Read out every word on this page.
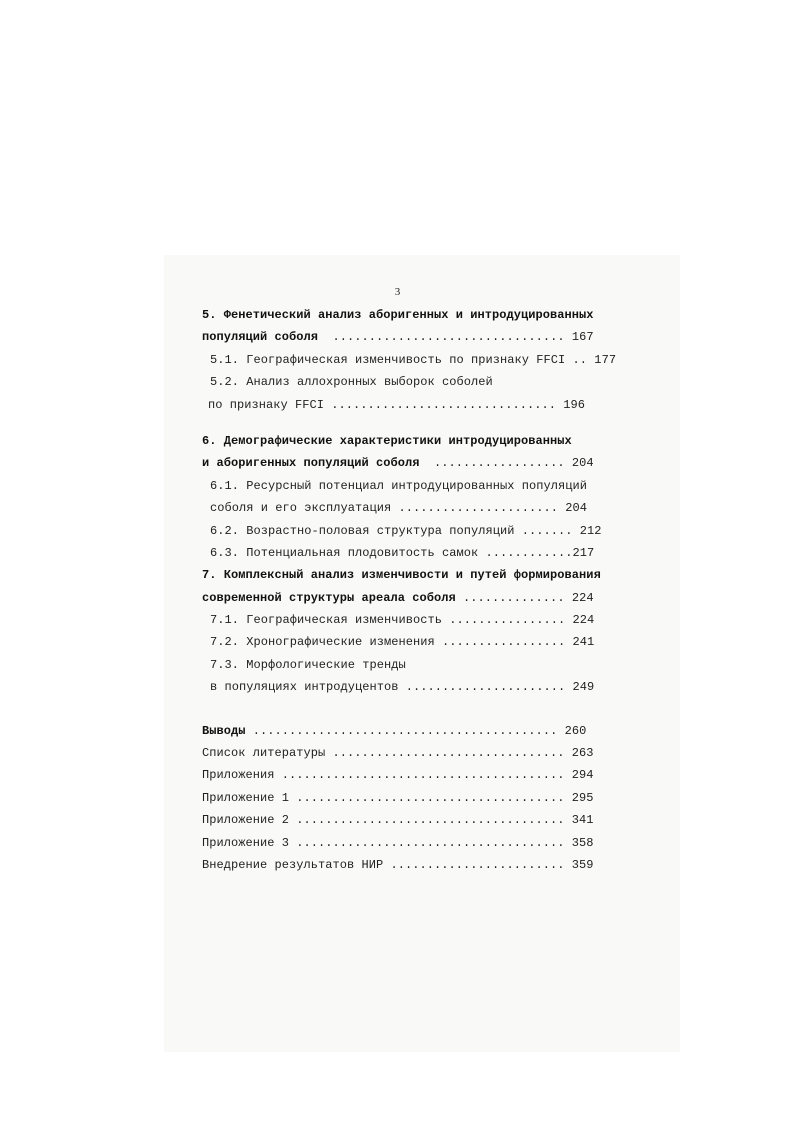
3
5. Фенетический анализ аборигенных и интродуцированных
популяций соболя  ................................ 167
5.1. Географическая изменчивость по признаку FFCI .. 177
5.2. Анализ аллохронных выборок соболей
по признаку FFCI ............................... 196
6. Демографические характеристики интродуцированных
и аборигенных популяций соболя  .................. 204
6.1. Ресурсный потенциал интродуцированных популяций
соболя и его эксплуатация ...................... 204
6.2. Возрастно-половая структура популяций ....... 212
6.3. Потенциальная плодовитость самок ............217
7. Комплексный анализ изменчивости и путей формирования
современной структуры ареала соболя .............. 224
7.1. Географическая изменчивость ................ 224
7.2. Хронографические изменения ................. 241
7.3. Морфологические тренды
в популяциях интродуцентов ...................... 249
Выводы .......................................... 260
Список литературы ................................ 263
Приложения ....................................... 294
Приложение 1 ..................................... 295
Приложение 2 ..................................... 341
Приложение 3 ..................................... 358
Внедрение результатов НИР ........................ 359
